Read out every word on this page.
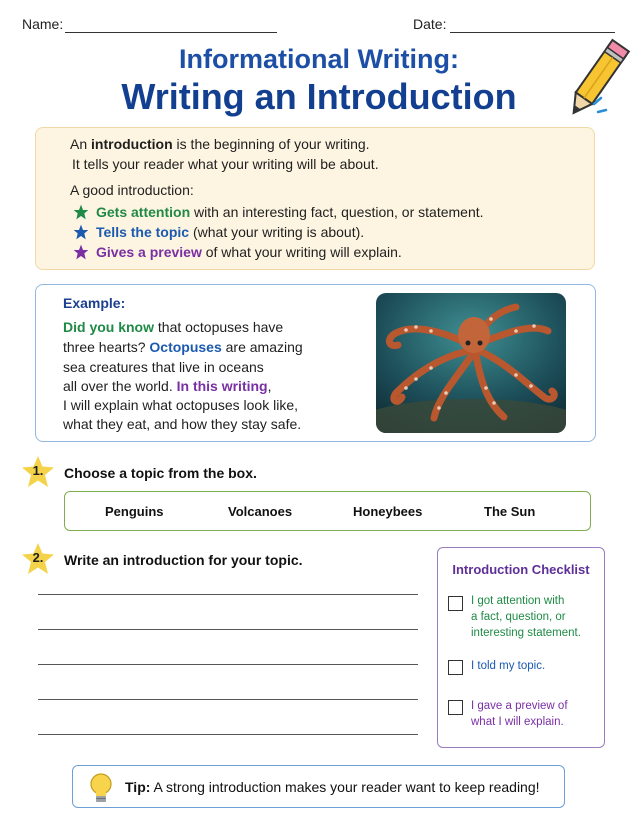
Name:	Date:
Informational Writing:
Writing an Introduction
An introduction is the beginning of your writing.
It tells your reader what your writing will be about.
A good introduction:
Gets attention with an interesting fact, question, or statement.
Tells the topic (what your writing is about).
Gives a preview of what your writing will explain.
Example:
Did you know that octopuses have
three hearts? Octopuses are amazing
sea creatures that live in oceans
all over the world. In this writing,
I will explain what octopuses look like,
what they eat, and how they stay safe.
1.	Choose a topic from the box.
Penguins	Volcanoes	Honeybees	The Sun
2.	Write an introduction for your topic.
Introduction Checklist
I got attention with
a fact, question, or
interesting statement.
I told my topic.
I gave a preview of
what I will explain.
Tip: A strong introduction makes your reader want to keep reading!
